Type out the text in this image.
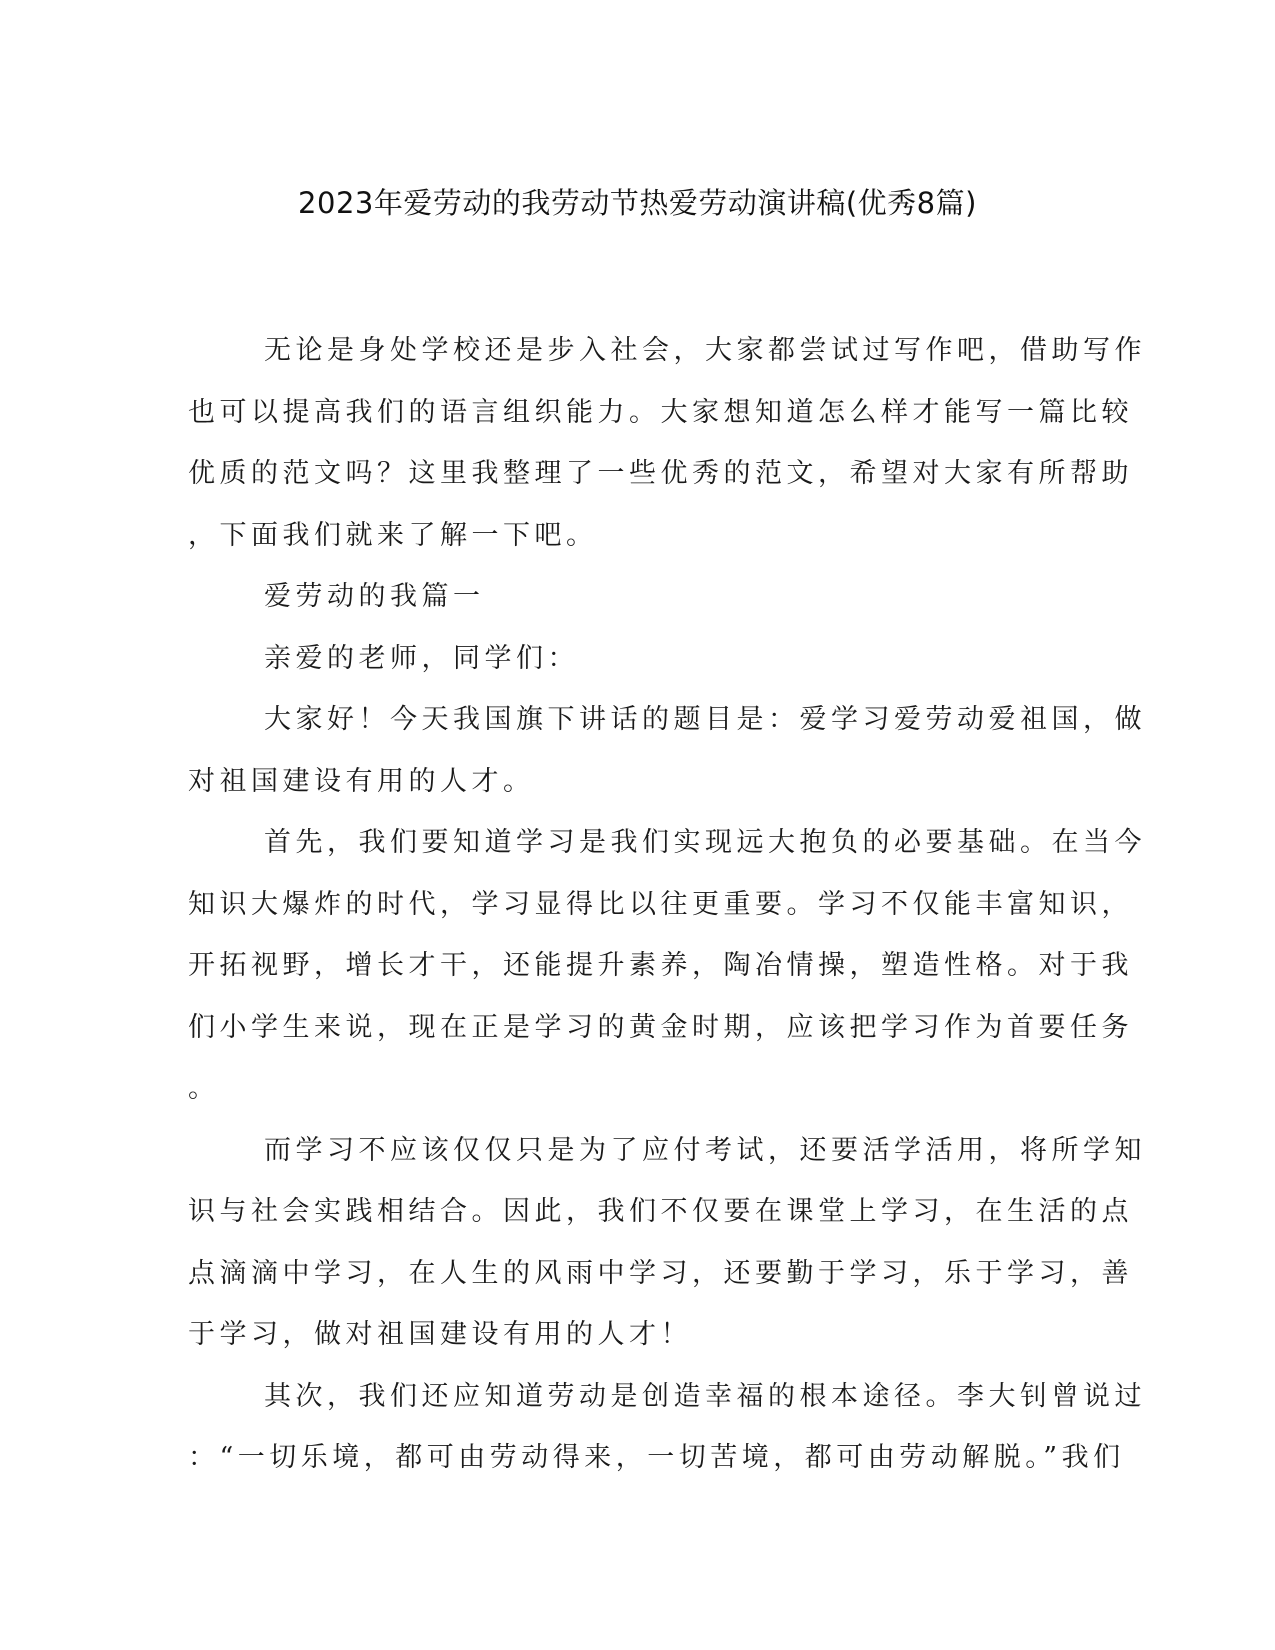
2023年爱劳动的我劳动节热爱劳动演讲稿(优秀8篇)
无论是身处学校还是步入社会，大家都尝试过写作吧，借助写作
也可以提高我们的语言组织能力。大家想知道怎么样才能写一篇比较
优质的范文吗？这里我整理了一些优秀的范文，希望对大家有所帮助
，下面我们就来了解一下吧。
爱劳动的我篇一
亲爱的老师，同学们：
大家好！今天我国旗下讲话的题目是：爱学习爱劳动爱祖国，做
对祖国建设有用的人才。
首先，我们要知道学习是我们实现远大抱负的必要基础。在当今
知识大爆炸的时代，学习显得比以往更重要。学习不仅能丰富知识，
开拓视野，增长才干，还能提升素养，陶冶情操，塑造性格。对于我
们小学生来说，现在正是学习的黄金时期，应该把学习作为首要任务
。
而学习不应该仅仅只是为了应付考试，还要活学活用，将所学知
识与社会实践相结合。因此，我们不仅要在课堂上学习，在生活的点
点滴滴中学习，在人生的风雨中学习，还要勤于学习，乐于学习，善
于学习，做对祖国建设有用的人才！
其次，我们还应知道劳动是创造幸福的根本途径。李大钊曾说过
：“一切乐境，都可由劳动得来，一切苦境，都可由劳动解脱。”我们
